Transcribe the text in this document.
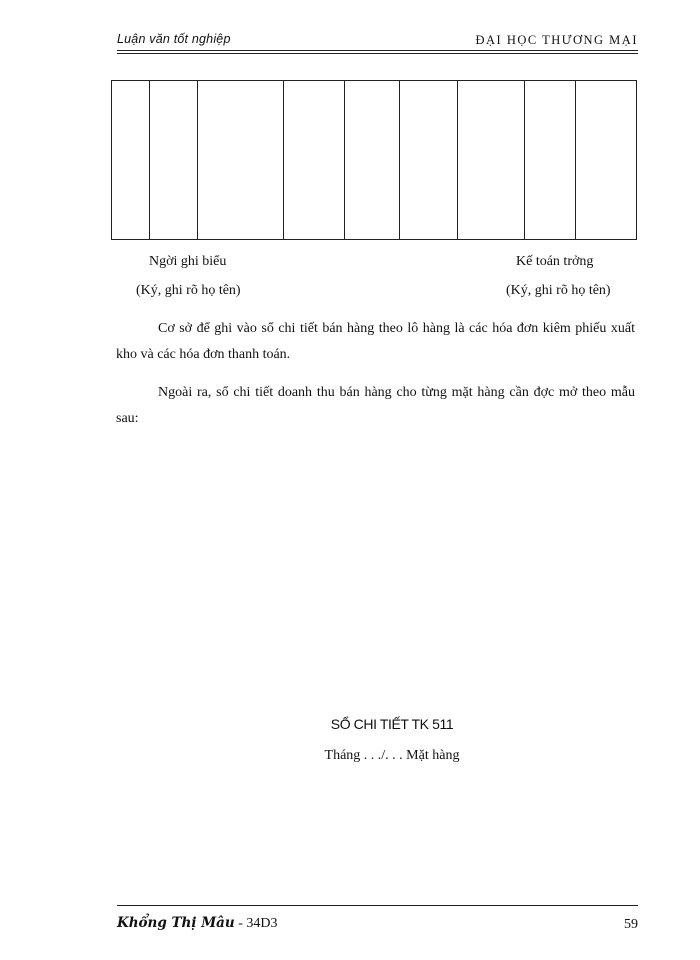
Luận văn tốt nghiệp	ĐẠI HỌC THƯƠNG MẠI

Ngời ghi biểu
(Ký, ghi rõ họ tên)
Kế toán trởng
(Ký, ghi rõ họ tên)

Cơ sở để ghi vào sổ chi tiết bán hàng theo lô hàng là các hóa đơn kiêm phiếu xuất kho và các hóa đơn thanh toán.

Ngoài ra, sổ chi tiết doanh thu bán hàng cho từng mặt hàng cần đợc mở theo mẫu sau:

SỔ CHI TIẾT TK 511
Tháng . . ./. . . Mặt hàng
Khổng Thị Mâu - 34D3	59
